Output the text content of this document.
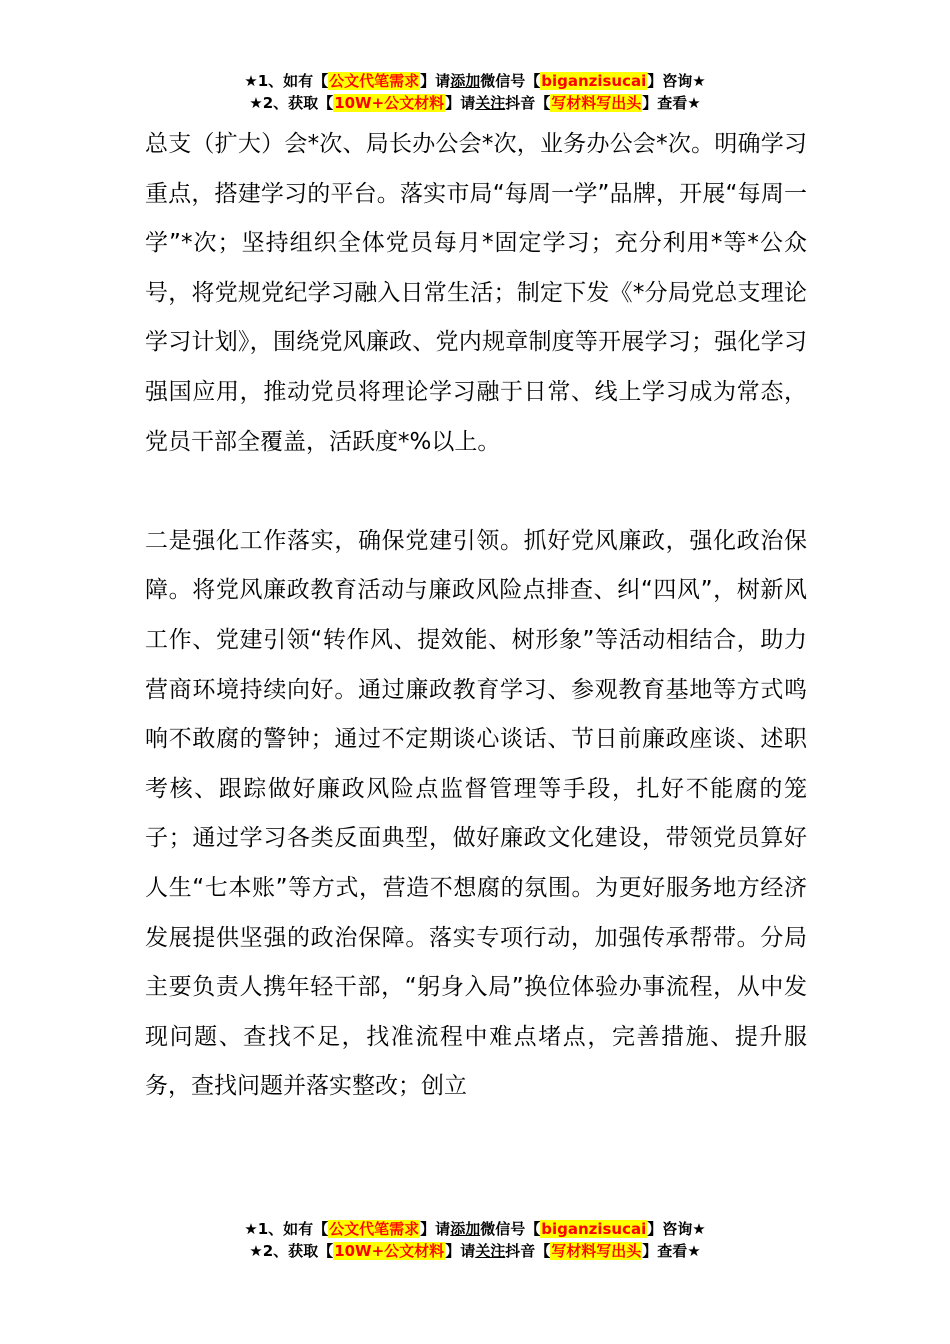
★1、如有【公文代笔需求】请添加微信号【biganzisucai】咨询★
★2、获取【10W+公文材料】请关注抖音【写材料写出头】查看★

总支（扩大）会*次、局长办公会*次，业务办公会*次。明确学习重点，搭建学习的平台。落实市局“每周一学”品牌，开展“每周一学”*次；坚持组织全体党员每月*固定学习；充分利用*等*公众号，将党规党纪学习融入日常生活；制定下发《*分局党总支理论学习计划》，围绕党风廉政、党内规章制度等开展学习；强化学习强国应用，推动党员将理论学习融于日常、线上学习成为常态，党员干部全覆盖，活跃度*%以上。

二是强化工作落实，确保党建引领。抓好党风廉政，强化政治保障。将党风廉政教育活动与廉政风险点排查、纠“四风”，树新风工作、党建引领“转作风、提效能、树形象”等活动相结合，助力营商环境持续向好。通过廉政教育学习、参观教育基地等方式鸣响不敢腐的警钟；通过不定期谈心谈话、节日前廉政座谈、述职考核、跟踪做好廉政风险点监督管理等手段，扎好不能腐的笼子；通过学习各类反面典型，做好廉政文化建设，带领党员算好人生“七本账”等方式，营造不想腐的氛围。为更好服务地方经济发展提供坚强的政治保障。落实专项行动，加强传承帮带。分局主要负责人携年轻干部，“躬身入局”换位体验办事流程，从中发现问题、查找不足，找准流程中难点堵点，完善措施、提升服务，查找问题并落实整改；创立

★1、如有【公文代笔需求】请添加微信号【biganzisucai】咨询★
★2、获取【10W+公文材料】请关注抖音【写材料写出头】查看★
